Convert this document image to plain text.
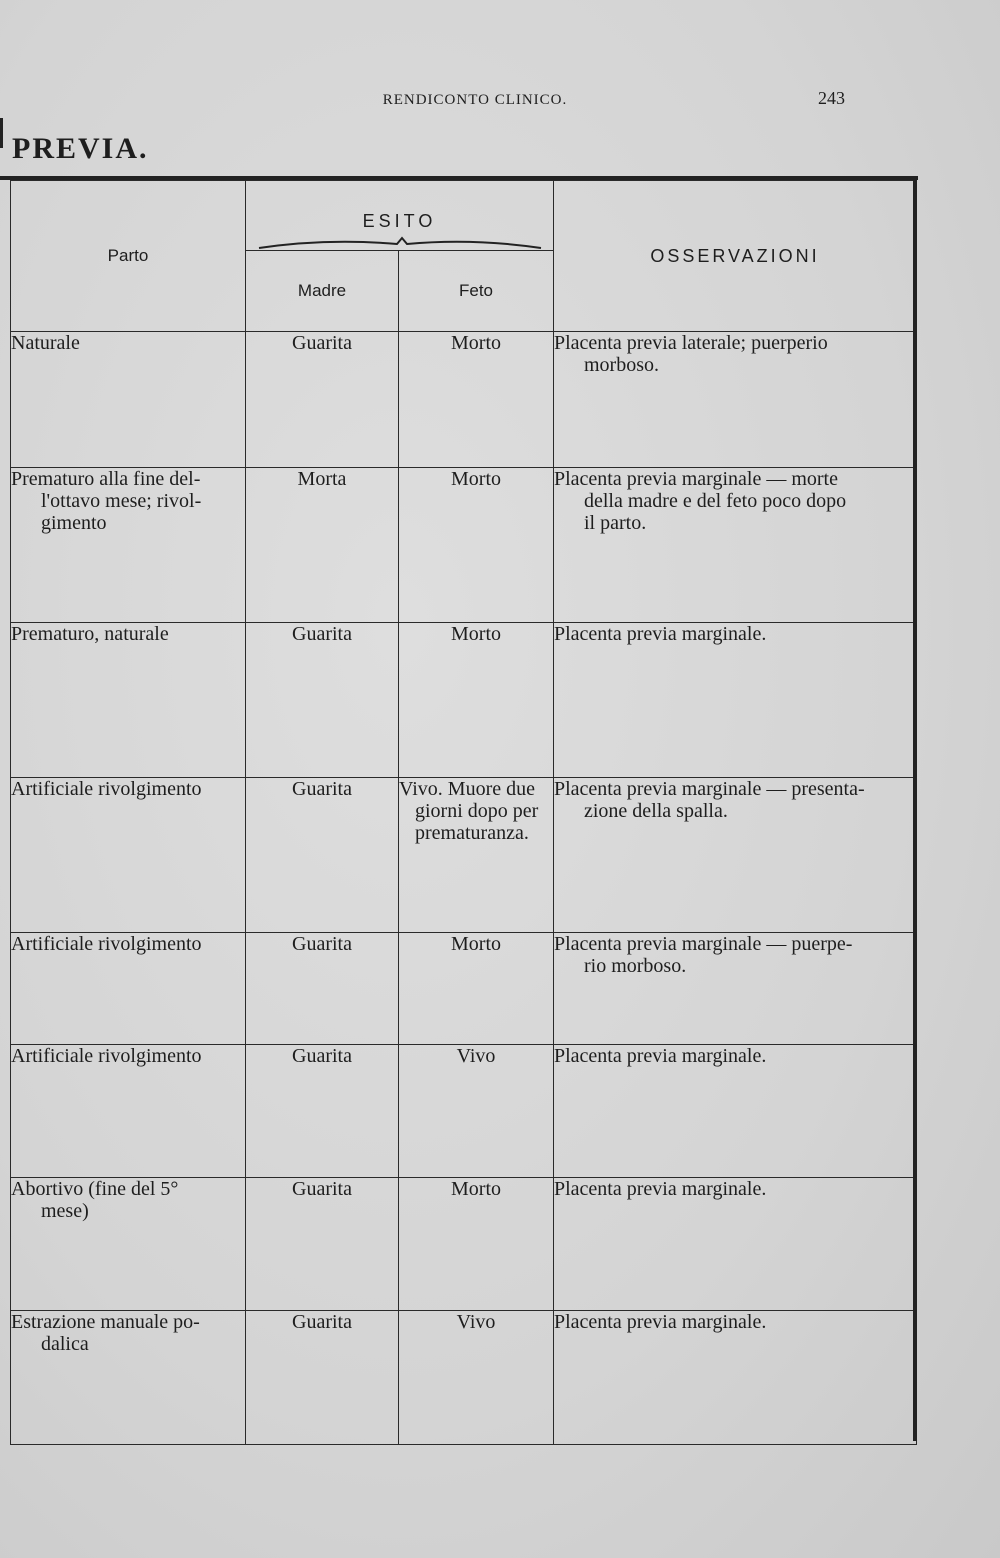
RENDICONTO CLINICO.	243
PREVIA.
Parto	ESITO		OSSERVAZIONI
	Madre	Feto	

Naturale	Guarita	Morto	Placenta previa laterale; puerperio
morboso.

Prematuro alla fine del-
l'ottavo mese; rivol-
gimento	Morta	Morto	Placenta previa marginale — morte
della madre e del feto poco dopo
il parto.

Prematuro, naturale	Guarita	Morto	Placenta previa marginale.

Artificiale rivolgimento	Guarita	Vivo. Muore due
giorni dopo per
prematuranza.	Placenta previa marginale — presenta-
zione della spalla.

Artificiale rivolgimento	Guarita	Morto	Placenta previa marginale — puerpe-
rio morboso.

Artificiale rivolgimento	Guarita	Vivo	Placenta previa marginale.

Abortivo (fine del 5°
mese)	Guarita	Morto	Placenta previa marginale.

Estrazione manuale po-
dalica	Guarita	Vivo	Placenta previa marginale.
